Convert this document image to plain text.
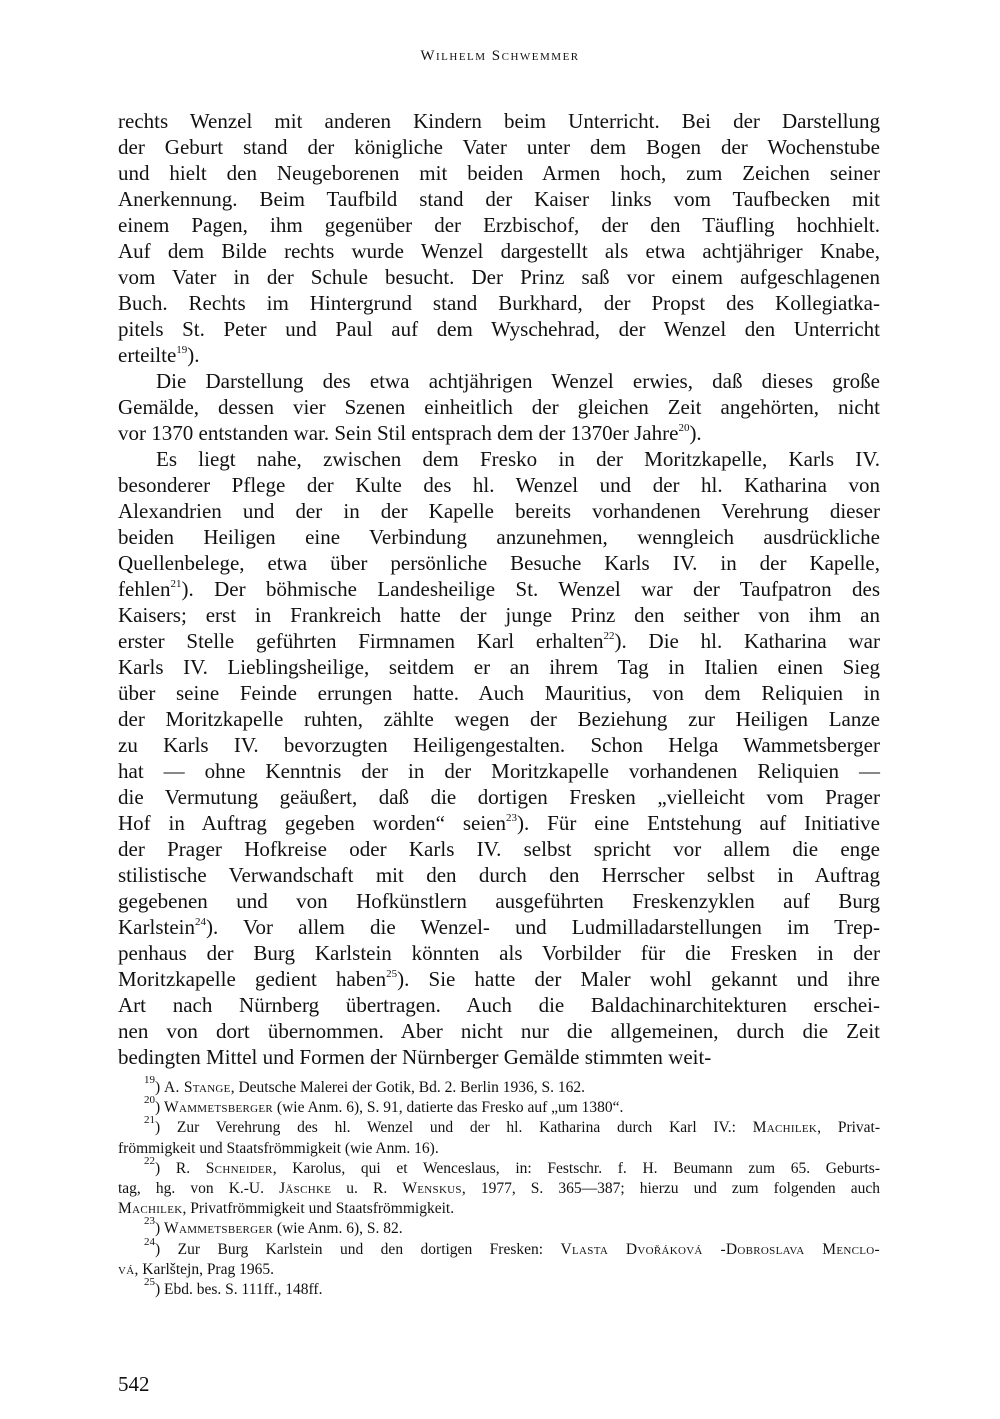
Wilhelm Schwemmer
rechts Wenzel mit anderen Kindern beim Unterricht. Bei der Darstellung
der Geburt stand der königliche Vater unter dem Bogen der Wochenstube
und hielt den Neugeborenen mit beiden Armen hoch, zum Zeichen seiner
Anerkennung. Beim Taufbild stand der Kaiser links vom Taufbecken mit
einem Pagen, ihm gegenüber der Erzbischof, der den Täufling hochhielt.
Auf dem Bilde rechts wurde Wenzel dargestellt als etwa achtjähriger Knabe,
vom Vater in der Schule besucht. Der Prinz saß vor einem aufgeschlagenen
Buch. Rechts im Hintergrund stand Burkhard, der Propst des Kollegiatka-
pitels St. Peter und Paul auf dem Wyschehrad, der Wenzel den Unterricht
erteilte$^{19}$).
Die Darstellung des etwa achtjährigen Wenzel erwies, daß dieses große
Gemälde, dessen vier Szenen einheitlich der gleichen Zeit angehörten, nicht
vor 1370 entstanden war. Sein Stil entsprach dem der 1370er Jahre$^{20}$).
Es liegt nahe, zwischen dem Fresko in der Moritzkapelle, Karls IV.
besonderer Pflege der Kulte des hl. Wenzel und der hl. Katharina von
Alexandrien und der in der Kapelle bereits vorhandenen Verehrung dieser
beiden Heiligen eine Verbindung anzunehmen, wenngleich ausdrückliche
Quellenbelege, etwa über persönliche Besuche Karls IV. in der Kapelle,
fehlen$^{21}$). Der böhmische Landesheilige St. Wenzel war der Taufpatron des
Kaisers; erst in Frankreich hatte der junge Prinz den seither von ihm an
erster Stelle geführten Firmnamen Karl erhalten$^{22}$). Die hl. Katharina war
Karls IV. Lieblingsheilige, seitdem er an ihrem Tag in Italien einen Sieg
über seine Feinde errungen hatte. Auch Mauritius, von dem Reliquien in
der Moritzkapelle ruhten, zählte wegen der Beziehung zur Heiligen Lanze
zu Karls IV. bevorzugten Heiligengestalten. Schon Helga Wammetsberger
hat — ohne Kenntnis der in der Moritzkapelle vorhandenen Reliquien —
die Vermutung geäußert, daß die dortigen Fresken „vielleicht vom Prager
Hof in Auftrag gegeben worden“ seien$^{23}$). Für eine Entstehung auf Initiative
der Prager Hofkreise oder Karls IV. selbst spricht vor allem die enge
stilistische Verwandschaft mit den durch den Herrscher selbst in Auftrag
gegebenen und von Hofkünstlern ausgeführten Freskenzyklen auf Burg
Karlstein$^{24}$). Vor allem die Wenzel- und Ludmilladarstellungen im Trep-
penhaus der Burg Karlstein könnten als Vorbilder für die Fresken in der
Moritzkapelle gedient haben$^{25}$). Sie hatte der Maler wohl gekannt und ihre
Art nach Nürnberg übertragen. Auch die Baldachinarchitekturen erschei-
nen von dort übernommen. Aber nicht nur die allgemeinen, durch die Zeit
bedingten Mittel und Formen der Nürnberger Gemälde stimmten weit-
$^{19}$) A. Stange, Deutsche Malerei der Gotik, Bd. 2. Berlin 1936, S. 162.
$^{20}$) Wammetsberger (wie Anm. 6), S. 91, datierte das Fresko auf „um 1380“.
$^{21}$) Zur Verehrung des hl. Wenzel und der hl. Katharina durch Karl IV.: Machilek, Privat-
frömmigkeit und Staatsfrömmigkeit (wie Anm. 16).
$^{22}$) R. Schneider, Karolus, qui et Wenceslaus, in: Festschr. f. H. Beumann zum 65. Geburts-
tag, hg. von K.-U. Jäschke u. R. Wenskus, 1977, S. 365—387; hierzu und zum folgenden auch
Machilek, Privatfrömmigkeit und Staatsfrömmigkeit.
$^{23}$) Wammetsberger (wie Anm. 6), S. 82.
$^{24}$) Zur Burg Karlstein und den dortigen Fresken: Vlasta Dvořáková -Dobroslava Menclo-
vá, Karlštejn, Prag 1965.
$^{25}$) Ebd. bes. S. 111ff., 148ff.
542
